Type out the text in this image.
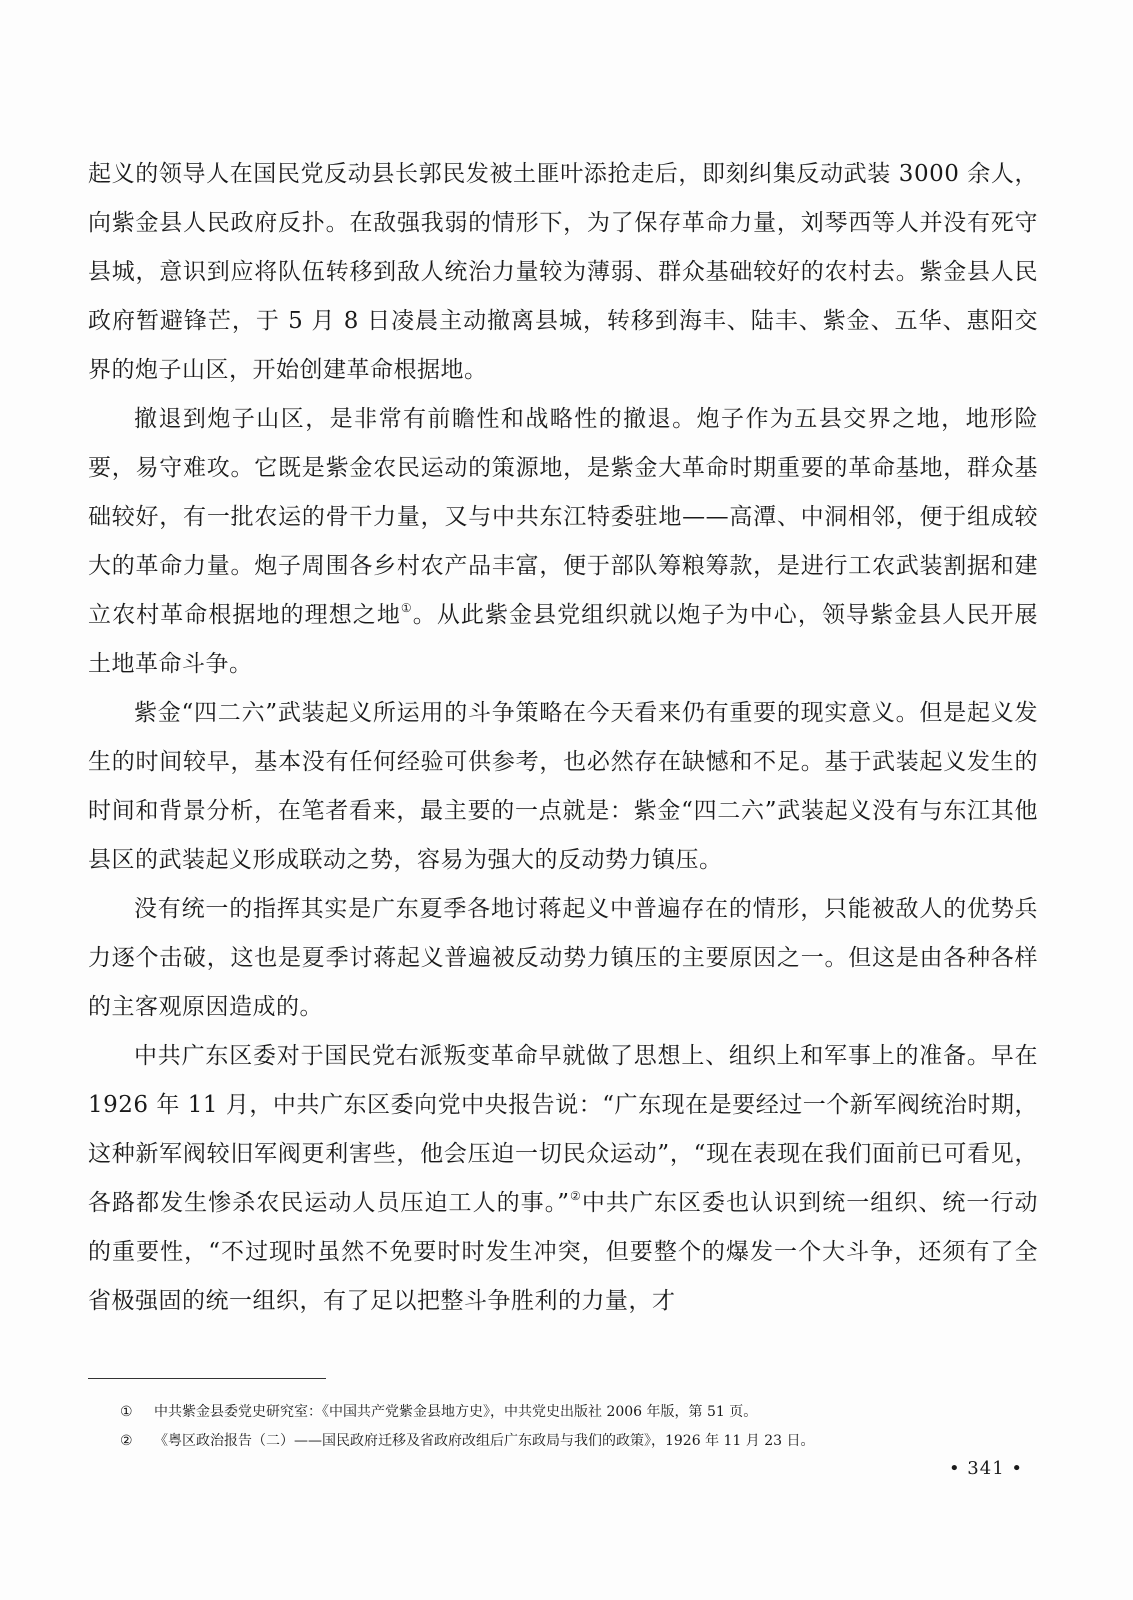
起义的领导人在国民党反动县长郭民发被土匪叶添抢走后，即刻纠集反动武装 3000 余人，向紫金县人民政府反扑。在敌强我弱的情形下，为了保存革命力量，刘琴西等人并没有死守县城，意识到应将队伍转移到敌人统治力量较为薄弱、群众基础较好的农村去。紫金县人民政府暂避锋芒，于 5 月 8 日凌晨主动撤离县城，转移到海丰、陆丰、紫金、五华、惠阳交界的炮子山区，开始创建革命根据地。

撤退到炮子山区，是非常有前瞻性和战略性的撤退。炮子作为五县交界之地，地形险要，易守难攻。它既是紫金农民运动的策源地，是紫金大革命时期重要的革命基地，群众基础较好，有一批农运的骨干力量，又与中共东江特委驻地——高潭、中洞相邻，便于组成较大的革命力量。炮子周围各乡村农产品丰富，便于部队筹粮筹款，是进行工农武装割据和建立农村革命根据地的理想之地①。从此紫金县党组织就以炮子为中心，领导紫金县人民开展土地革命斗争。

紫金“四二六”武装起义所运用的斗争策略在今天看来仍有重要的现实意义。但是起义发生的时间较早，基本没有任何经验可供参考，也必然存在缺憾和不足。基于武装起义发生的时间和背景分析，在笔者看来，最主要的一点就是：紫金“四二六”武装起义没有与东江其他县区的武装起义形成联动之势，容易为强大的反动势力镇压。

没有统一的指挥其实是广东夏季各地讨蒋起义中普遍存在的情形，只能被敌人的优势兵力逐个击破，这也是夏季讨蒋起义普遍被反动势力镇压的主要原因之一。但这是由各种各样的主客观原因造成的。

中共广东区委对于国民党右派叛变革命早就做了思想上、组织上和军事上的准备。早在 1926 年 11 月，中共广东区委向党中央报告说：“广东现在是要经过一个新军阀统治时期，这种新军阀较旧军阀更利害些，他会压迫一切民众运动”，“现在表现在我们面前已可看见，各路都发生惨杀农民运动人员压迫工人的事。”②中共广东区委也认识到统一组织、统一行动的重要性，“不过现时虽然不免要时时发生冲突，但要整个的爆发一个大斗争，还须有了全省极强固的统一组织，有了足以把整斗争胜利的力量，才

① 中共紫金县委党史研究室：《中国共产党紫金县地方史》，中共党史出版社 2006 年版，第 51 页。

② 《粤区政治报告（二）——国民政府迁移及省政府改组后广东政局与我们的政策》，1926 年 11 月 23 日。

• 341 •
